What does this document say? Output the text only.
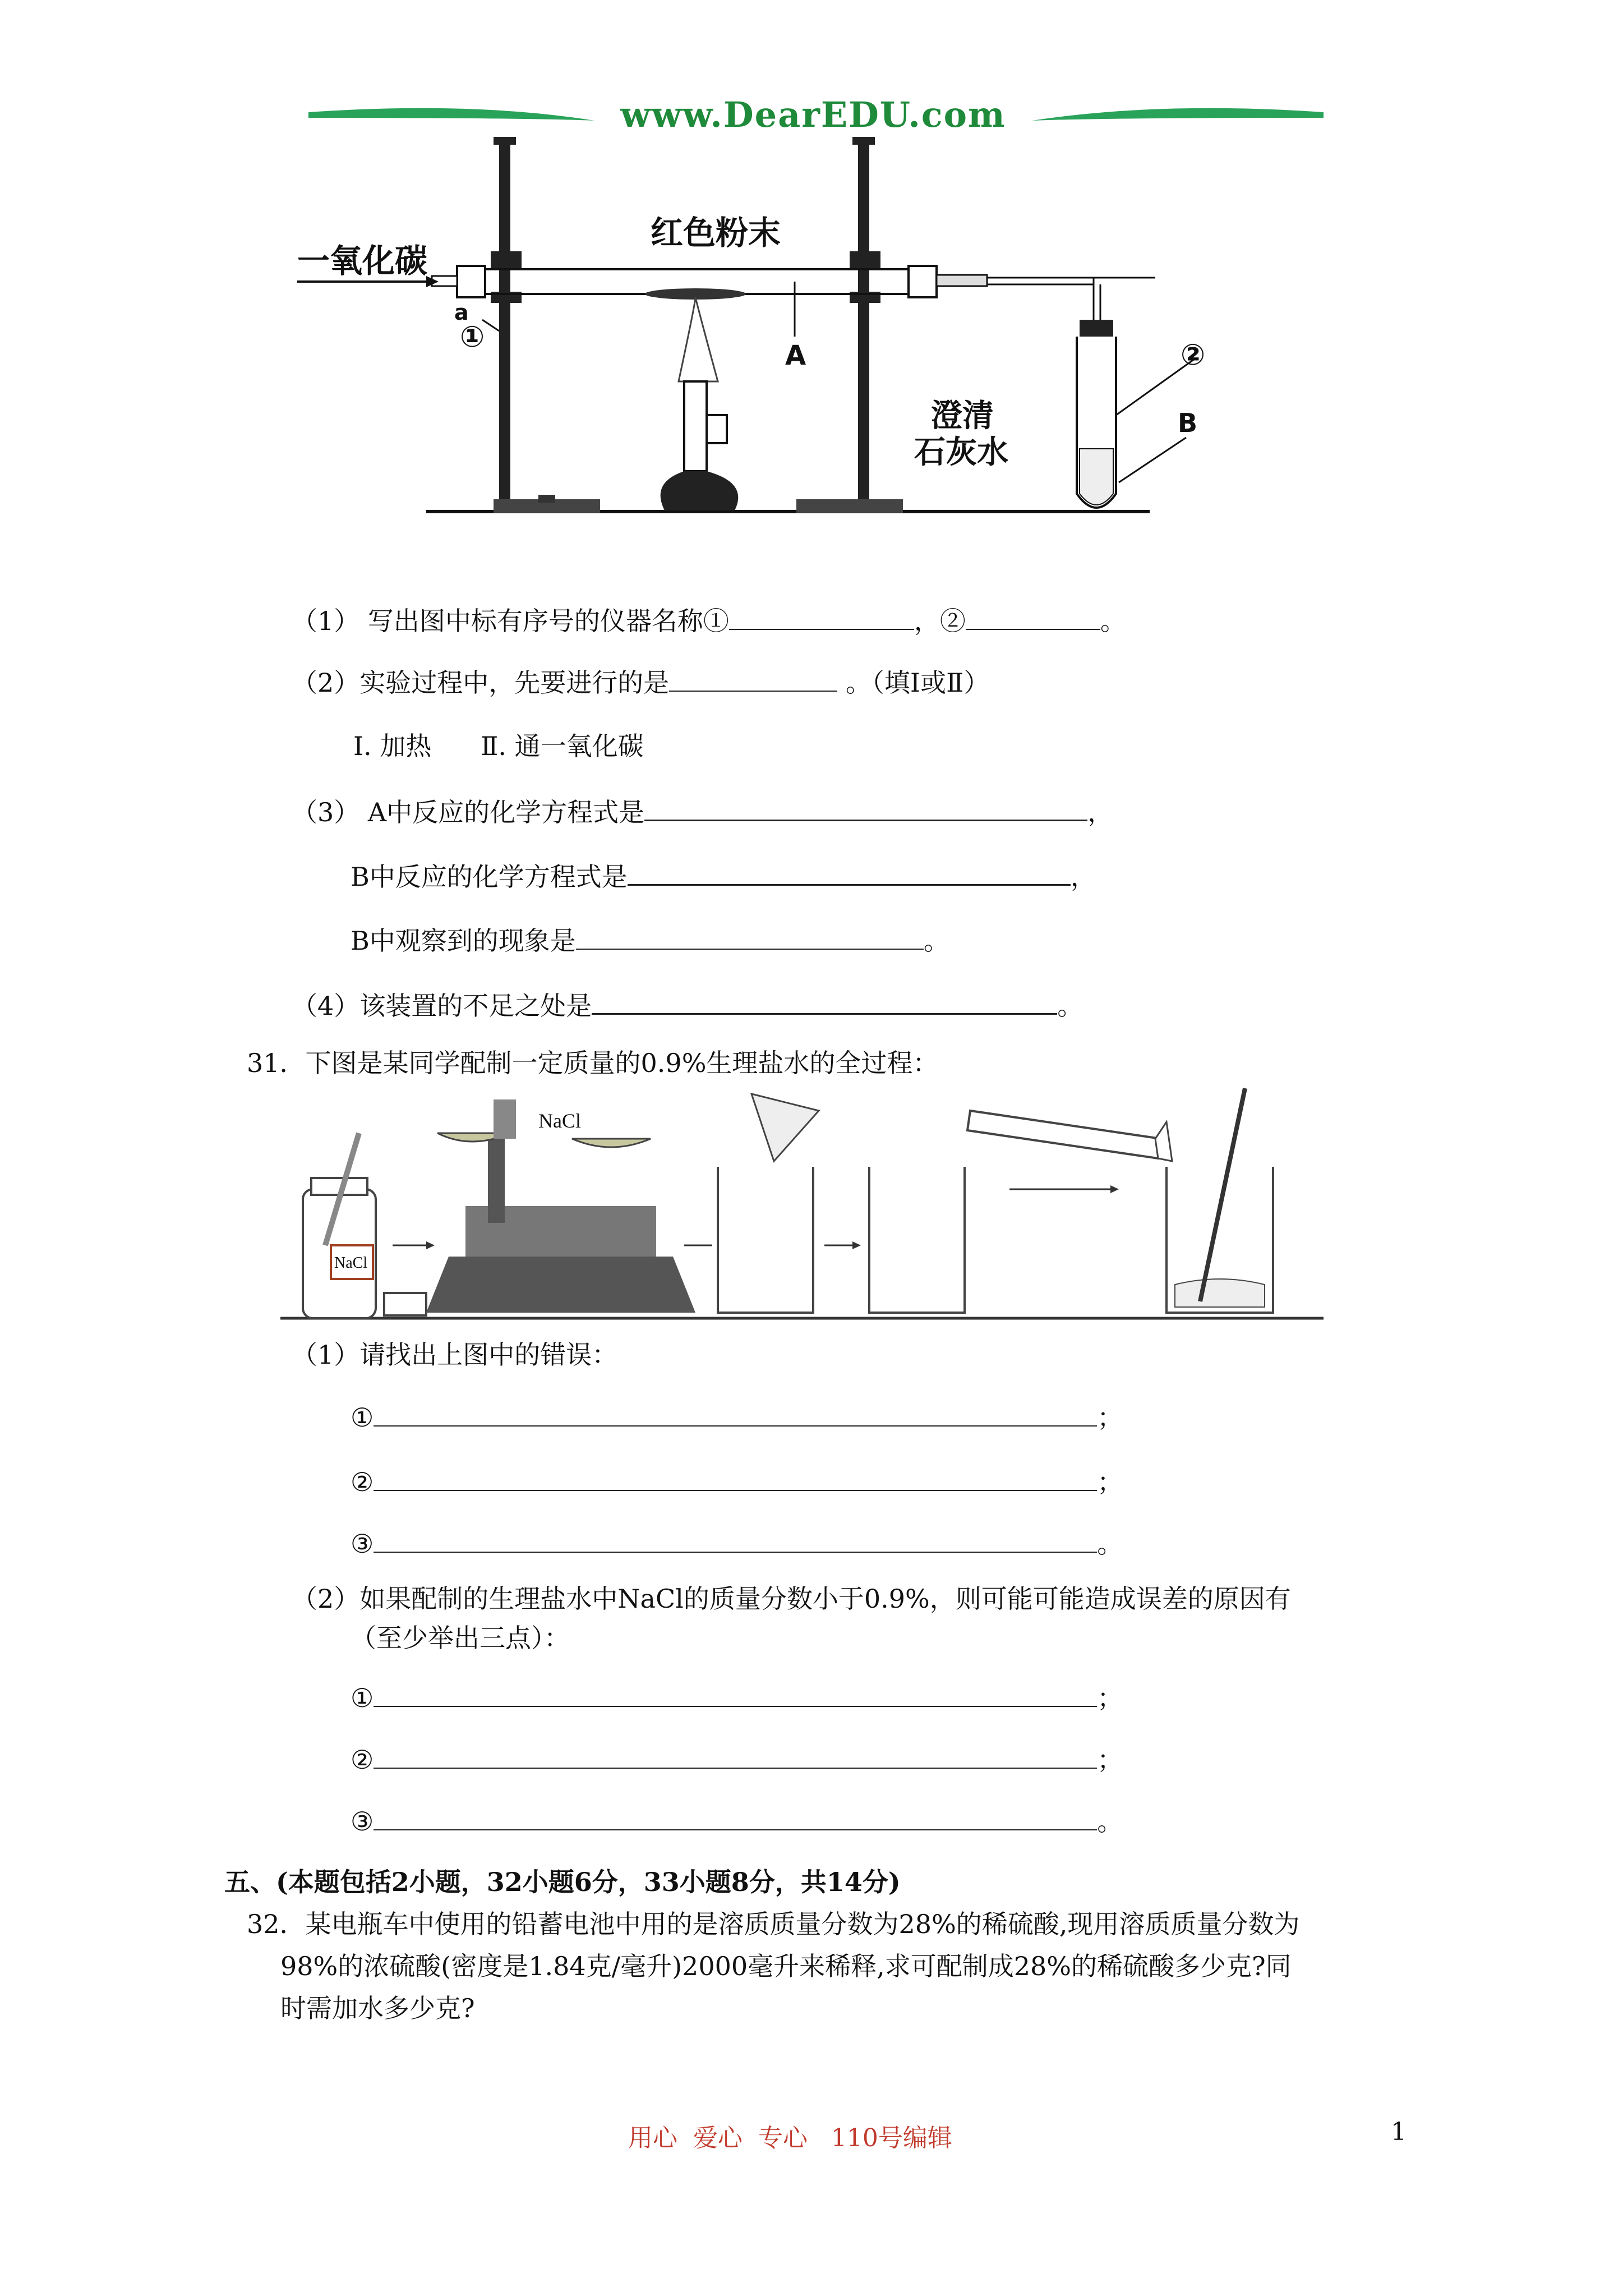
www.DearEDU.com
一氧化碳
a
红色粉末
A
①
②
B
澄清
石灰水
（1） 写出图中标有序号的仪器名称①	，②	。
（2）实验过程中，先要进行的是	。（填Ⅰ或Ⅱ）
Ⅰ. 加热      Ⅱ. 通一氧化碳
（3） A中反应的化学方程式是	，
B中反应的化学方程式是	，
B中观察到的现象是	。
（4）该装置的不足之处是	。
31．下图是某同学配制一定质量的0.9%生理盐水的全过程：
NaCl
NaCl
（1）请找出上图中的错误：
①	；
②	；
③	。
（2）如果配制的生理盐水中NaCl的质量分数小于0.9%，则可能可能造成误差的原因有
（至少举出三点）：
①	；
②	；
③	。
五、(本题包括2小题，32小题6分，33小题8分，共14分)
32．某电瓶车中使用的铅蓄电池中用的是溶质质量分数为28%的稀硫酸,现用溶质质量分数为
98%的浓硫酸(密度是1.84克/毫升)2000毫升来稀释,求可配制成28%的稀硫酸多少克?同
时需加水多少克?
用心  爱心  专心   110号编辑	1
